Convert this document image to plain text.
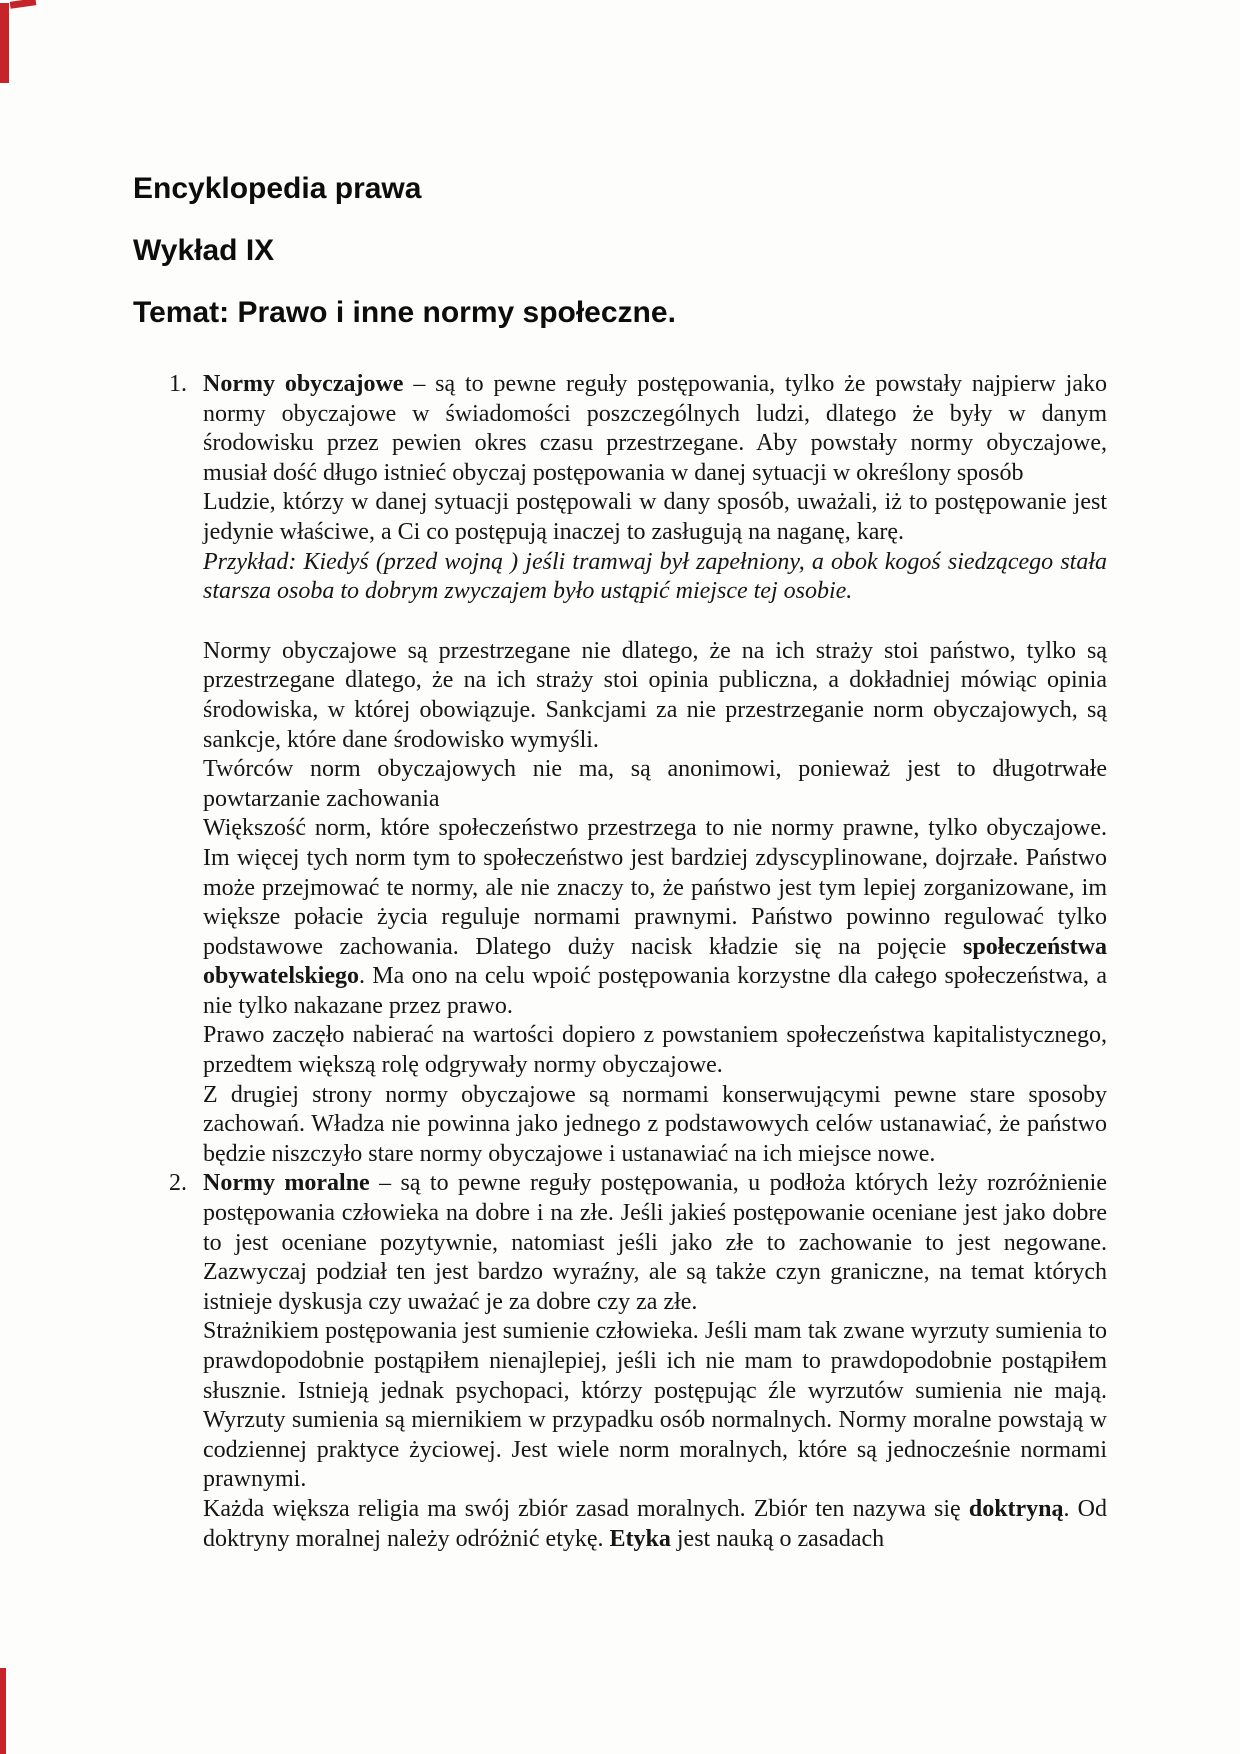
Encyklopedia prawa
Wykład IX
Temat: Prawo i inne normy społeczne.
1. Normy obyczajowe – są to pewne reguły postępowania, tylko że powstały najpierw jako normy obyczajowe w świadomości poszczególnych ludzi, dlatego że były w danym środowisku przez pewien okres czasu przestrzegane. Aby powstały normy obyczajowe, musiał dość długo istnieć obyczaj postępowania w danej sytuacji w określony sposób

Ludzie, którzy w danej sytuacji postępowali w dany sposób, uważali, iż to postępowanie jest jedynie właściwe, a Ci co postępują inaczej to zasługują na naganę, karę.

Przykład: Kiedyś (przed wojną ) jeśli tramwaj był zapełniony, a obok kogoś siedzącego stała starsza osoba to dobrym zwyczajem było ustąpić miejsce tej osobie.

Normy obyczajowe są przestrzegane nie dlatego, że na ich straży stoi państwo, tylko są przestrzegane dlatego, że na ich straży stoi opinia publiczna, a dokładniej mówiąc opinia środowiska, w której obowiązuje. Sankcjami za nie przestrzeganie norm obyczajowych, są sankcje, które dane środowisko wymyśli.

Twórców norm obyczajowych nie ma, są anonimowi, ponieważ jest to długotrwałe powtarzanie zachowania

Większość norm, które społeczeństwo przestrzega to nie normy prawne, tylko obyczajowe. Im więcej tych norm tym to społeczeństwo jest bardziej zdyscyplinowane, dojrzałe. Państwo może przejmować te normy, ale nie znaczy to, że państwo jest tym lepiej zorganizowane, im większe połacie życia reguluje normami prawnymi. Państwo powinno regulować tylko podstawowe zachowania. Dlatego duży nacisk kładzie się na pojęcie społeczeństwa obywatelskiego. Ma ono na celu wpoić postępowania korzystne dla całego społeczeństwa, a nie tylko nakazane przez prawo.

Prawo zaczęło nabierać na wartości dopiero z powstaniem społeczeństwa kapitalistycznego, przedtem większą rolę odgrywały normy obyczajowe.

Z drugiej strony normy obyczajowe są normami konserwującymi pewne stare sposoby zachowań. Władza nie powinna jako jednego z podstawowych celów ustanawiać, że państwo będzie niszczyło stare normy obyczajowe i ustanawiać na ich miejsce nowe.

2. Normy moralne – są to pewne reguły postępowania, u podłoża których leży rozróżnienie postępowania człowieka na dobre i na złe. Jeśli jakieś postępowanie oceniane jest jako dobre to jest oceniane pozytywnie, natomiast jeśli jako złe to zachowanie to jest negowane. Zazwyczaj podział ten jest bardzo wyraźny, ale są także czyn graniczne, na temat których istnieje dyskusja czy uważać je za dobre czy za złe.

Strażnikiem postępowania jest sumienie człowieka. Jeśli mam tak zwane wyrzuty sumienia to prawdopodobnie postąpiłem nienajlepiej, jeśli ich nie mam to prawdopodobnie postąpiłem słusznie. Istnieją jednak psychopaci, którzy postępując źle wyrzutów sumienia nie mają. Wyrzuty sumienia są miernikiem w przypadku osób normalnych. Normy moralne powstają w codziennej praktyce życiowej. Jest wiele norm moralnych, które są jednocześnie normami prawnymi.

Każda większa religia ma swój zbiór zasad moralnych. Zbiór ten nazywa się doktryną. Od doktryny moralnej należy odróżnić etykę. Etyka jest nauką o zasadach
